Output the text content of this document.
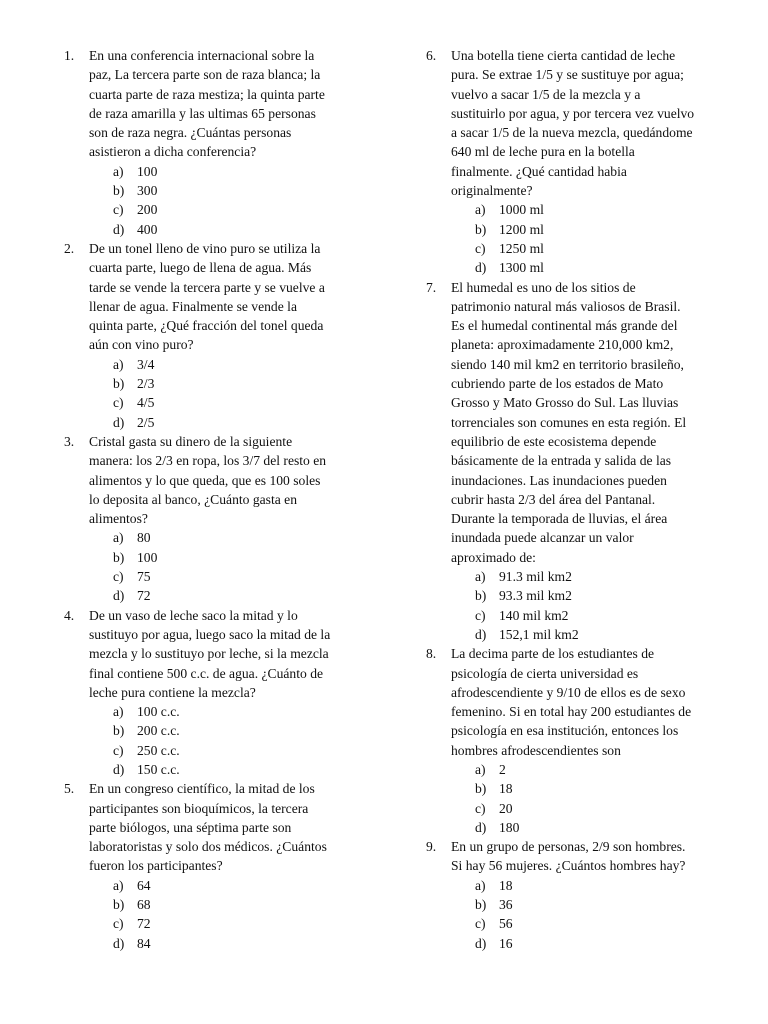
1.	En una conferencia internacional sobre la

paz, La tercera parte son de raza blanca; la

cuarta parte de raza mestiza; la quinta parte

de raza amarilla y las ultimas 65 personas

son de raza negra. ¿Cuántas personas

asistieron a dicha conferencia?

a) 100
b) 300
c) 200
d) 400
2.	De un tonel lleno de vino puro se utiliza la

cuarta parte, luego de llena de agua. Más

tarde se vende la tercera parte y se vuelve a

llenar de agua. Finalmente se vende la

quinta parte, ¿Qué fracción del tonel queda

aún con vino puro?

a) 3/4
b) 2/3
c) 4/5
d) 2/5
3.	Cristal gasta su dinero de la siguiente

manera: los 2/3 en ropa, los 3/7 del resto en

alimentos y lo que queda, que es 100 soles

lo deposita al banco, ¿Cuánto gasta en

alimentos?

a) 80
b) 100
c) 75
d) 72
4.	De un vaso de leche saco la mitad y lo

sustituyo por agua, luego saco la mitad de la

mezcla y lo sustituyo por leche, si la mezcla

final contiene 500 c.c. de agua. ¿Cuánto de

leche pura contiene la mezcla?

a) 100 c.c.
b) 200 c.c.
c) 250 c.c.
d) 150 c.c.
5.	En un congreso científico, la mitad de los

participantes son bioquímicos, la tercera

parte biólogos, una séptima parte son

laboratoristas y solo dos médicos. ¿Cuántos

fueron los participantes?

a) 64
b) 68
c) 72
d) 84
6.	Una botella tiene cierta cantidad de leche

pura. Se extrae 1/5 y se sustituye por agua;

vuelvo a sacar 1/5 de la mezcla y a

sustituirlo por agua, y por tercera vez vuelvo

a sacar 1/5 de la nueva mezcla, quedándome

640 ml de leche pura en la botella

finalmente. ¿Qué cantidad habia

originalmente?

a) 1000 ml
b) 1200 ml
c) 1250 ml
d) 1300 ml
7.	El humedal es uno de los sitios de

patrimonio natural más valiosos de Brasil.

Es el humedal continental más grande del

planeta: aproximadamente 210,000 km2,

siendo 140 mil km2 en territorio brasileño,

cubriendo parte de los estados de Mato

Grosso y Mato Grosso do Sul. Las lluvias

torrenciales son comunes en esta región. El

equilibrio de este ecosistema depende

básicamente de la entrada y salida de las

inundaciones. Las inundaciones pueden

cubrir hasta 2/3 del área del Pantanal.

Durante la temporada de lluvias, el área

inundada puede alcanzar un valor

aproximado de:

a) 91.3 mil km2
b) 93.3 mil km2
c) 140 mil km2
d) 152,1 mil km2
8.	La decima parte de los estudiantes de

psicología de cierta universidad es

afrodescendiente y 9/10 de ellos es de sexo

femenino. Si en total hay 200 estudiantes de

psicología en esa institución, entonces los

hombres afrodescendientes son

a) 2
b) 18
c) 20
d) 180
9.	En un grupo de personas, 2/9 son hombres.

Si hay 56 mujeres. ¿Cuántos hombres hay?

a) 18
b) 36
c) 56
d) 16
